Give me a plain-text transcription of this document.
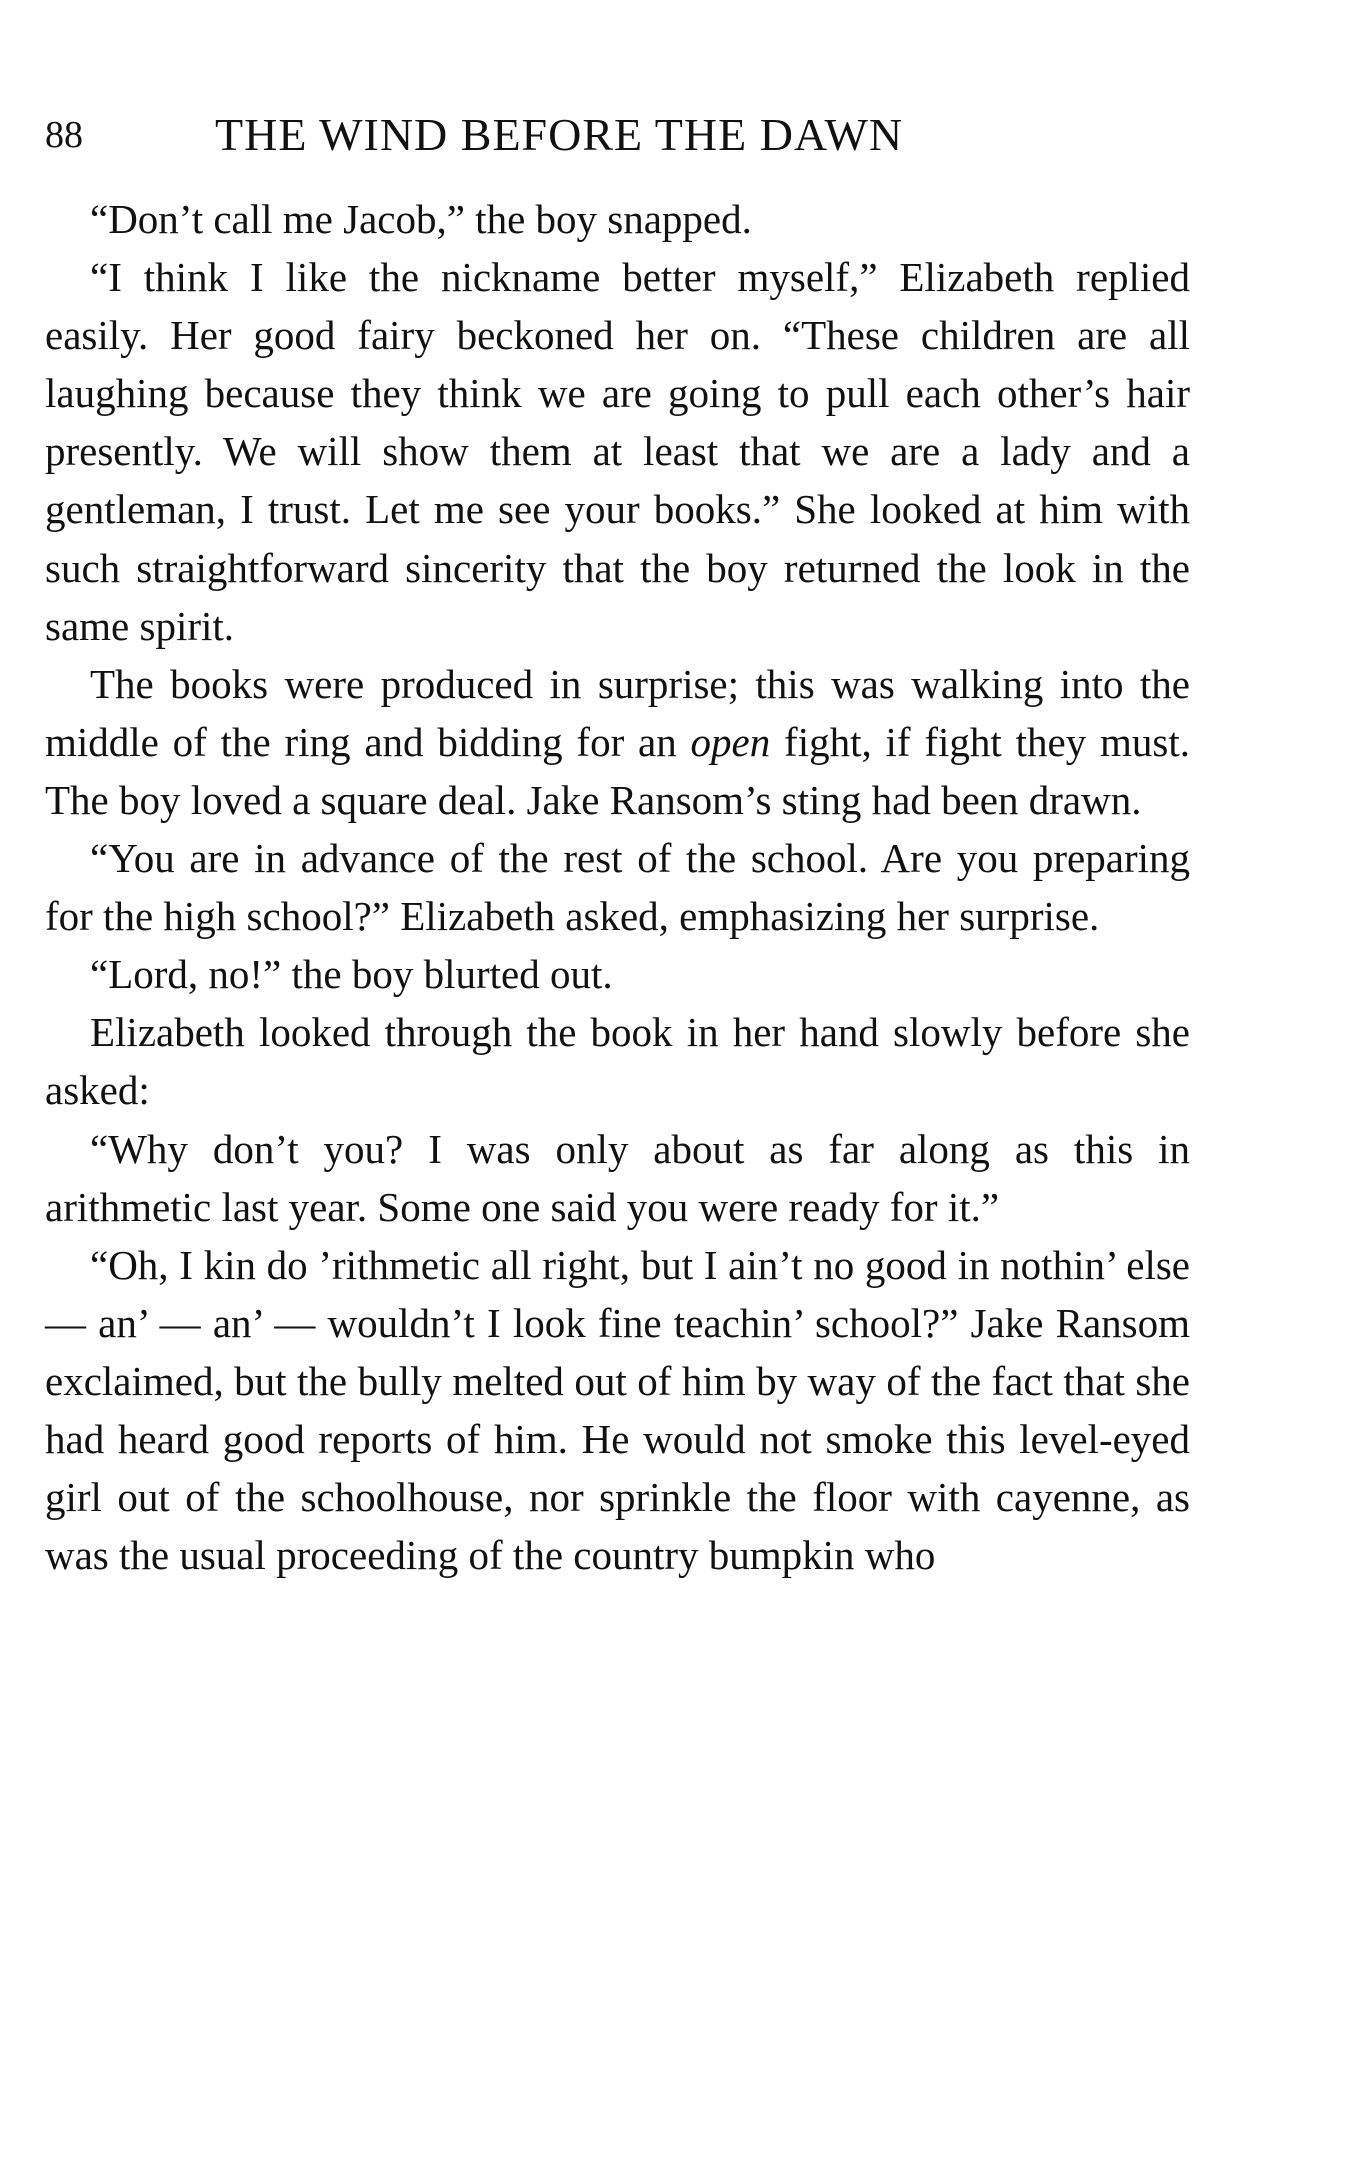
88	THE WIND BEFORE THE DAWN

“Don’t call me Jacob,” the boy snapped.

“I think I like the nickname better myself,” Elizabeth replied easily. Her good fairy beckoned her on. “These children are all laughing because they think we are going to pull each other’s hair presently. We will show them at least that we are a lady and a gentleman, I trust. Let me see your books.” She looked at him with such straightforward sincerity that the boy returned the look in the same spirit.

The books were produced in surprise; this was walking into the middle of the ring and bidding for an open fight, if fight they must. The boy loved a square deal. Jake Ransom’s sting had been drawn.

“You are in advance of the rest of the school. Are you preparing for the high school?” Elizabeth asked, emphasizing her surprise.

“Lord, no!” the boy blurted out.

Elizabeth looked through the book in her hand slowly before she asked:

“Why don’t you? I was only about as far along as this in arithmetic last year. Some one said you were ready for it.”

“Oh, I kin do ’rithmetic all right, but I ain’t no good in nothin’ else — an’ — an’ — wouldn’t I look fine teachin’ school?” Jake Ransom exclaimed, but the bully melted out of him by way of the fact that she had heard good reports of him. He would not smoke this level-eyed girl out of the schoolhouse, nor sprinkle the floor with cayenne, as was the usual proceeding of the country bumpkin who
